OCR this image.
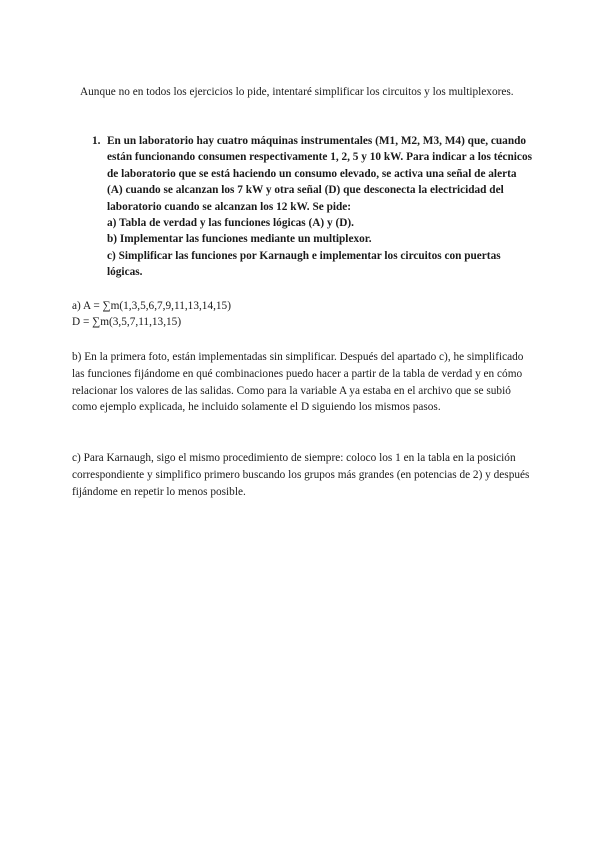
Aunque no en todos los ejercicios lo pide, intentaré simplificar los circuitos y los multiplexores.

1. En un laboratorio hay cuatro máquinas instrumentales (M1, M2, M3, M4) que, cuando están funcionando consumen respectivamente 1, 2, 5 y 10 kW. Para indicar a los técnicos de laboratorio que se está haciendo un consumo elevado, se activa una señal de alerta (A) cuando se alcanzan los 7 kW y otra señal (D) que desconecta la electricidad del laboratorio cuando se alcanzan los 12 kW. Se pide:
a) Tabla de verdad y las funciones lógicas (A) y (D).
b) Implementar las funciones mediante un multiplexor.
c) Simplificar las funciones por Karnaugh e implementar los circuitos con puertas lógicas.
a) A = ∑m(1,3,5,6,7,9,11,13,14,15)
D = ∑m(3,5,7,11,13,15)

b) En la primera foto, están implementadas sin simplificar. Después del apartado c), he simplificado las funciones fijándome en qué combinaciones puedo hacer a partir de la tabla de verdad y en cómo relacionar los valores de las salidas. Como para la variable A ya estaba en el archivo que se subió como ejemplo explicada, he incluido solamente el D siguiendo los mismos pasos.

c) Para Karnaugh, sigo el mismo procedimiento de siempre: coloco los 1 en la tabla en la posición correspondiente y simplifico primero buscando los grupos más grandes (en potencias de 2) y después fijándome en repetir lo menos posible.
